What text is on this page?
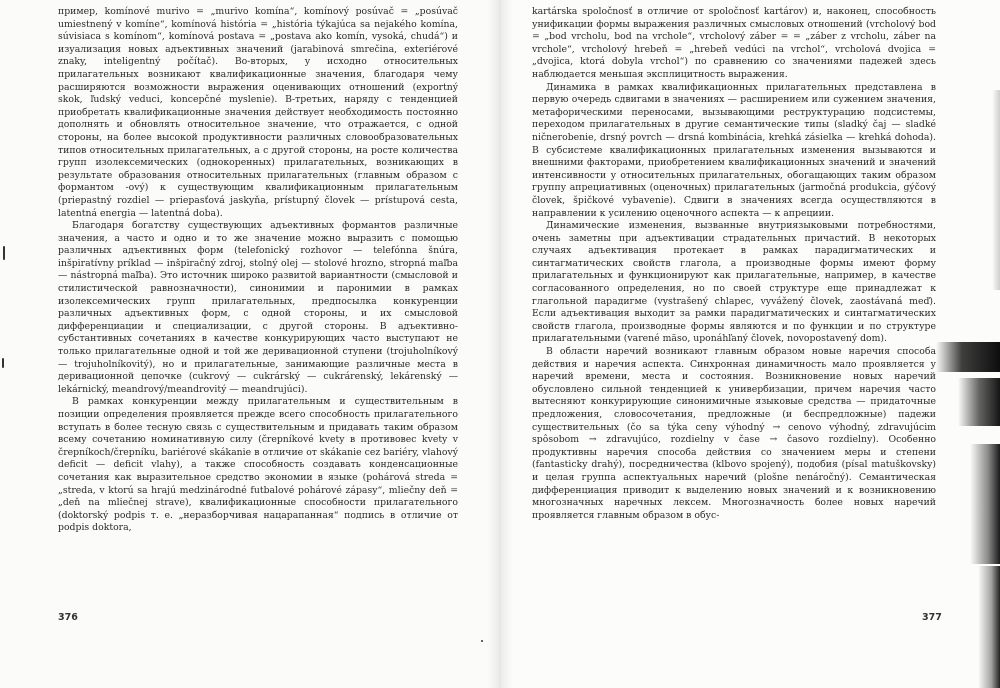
пример, komínové murivo = „murivo komína“, komínový posúvač = „posúvač umiestnený v komíne“, komínová história = „história týkajúca sa nejakého komína, súvisiaca s komínom“, komínová postava = „postava ako komín, vysoká, chudá“) и изуализация новых адъективных значений (jarabinová smrečina, exteriérové znaky, inteligentný počítač). Во-вторых, у исходно относительных прилагательных возникают квалификационные значения, благодаря чему расширяются возможности выражения оценивающих отношений (exportný skok, ľudský veduci, koncepčné myslenie). В-третьих, наряду с тенденцией приобретать квалификационные значения действует необходимость постоянно дополнять и обновлять относительное значение, что отражается, с одной стороны, на более высокой продуктивности различных словообразовательных типов относительных прилагательных, а с другой стороны, на росте количества групп изолексемических (однокоренных) прилагательных, возникающих в результате образования относительных прилагательных (главным образом с формантом -ový) к существующим квалификационным прилагательным (priepastný rozdiel — priepasťová jaskyňa, prístupný človek — prístupová cesta, latentná energia — latentná doba).

Благодаря богатству существующих адъективных формантов различные значения, а часто и одно и то же значение можно выразить с помощью различных адъективных форм (telefonický rozhovor — telefónna šnúra, inšpiratívny príklad — inšpiračný zdroj, stolný olej — stolové hrozno, stropná maľba — nástropná maľba). Это источник широко развитой вариантности (смысловой и стилистической равнозначности), синонимии и паронимии в рамках изолексемических групп прилагательных, предпосылка конкуренции различных адъективных форм, с одной стороны, и их смысловой дифференциации и специализации, с другой стороны. В адъективно-субстантивных сочетаниях в качестве конкурирующих часто выступают не только прилагательные одной и той же деривационной ступени (trojuholníkový — trojuholníkovitý), но и прилагательные, занимающие различные места в деривационной цепочке (cukrový — cukrárský — cukrárenský, lekárenský — lekárnický, meandrový/meandrovitý — meandrujúci).

В рамках конкуренции между прилагательным и существительным в позиции определения проявляется прежде всего способность прилагательного вступать в более тесную связь с существительным и придавать таким образом всему сочетанию номинативную силу (črepníkové kvety в противовес kvety v črepníkoch/črepníku, bariérové skákanie в отличие от skákanie cez bariéry, vlahový deficit — deficit vlahy), а также способность создавать конденсационные сочетания как выразительное средство экономии в языке (pohárová streda = „streda, v ktorú sa hrajú medzinárodné futbalové pohárové zápasy“, mliečny deň = „deň na mliečnej strave), квалификационные способности прилагательного (doktorský podpis т. е. „неразборчивая нацарапанная“ подпись в отличие от podpis doktora,

376

kartárska spoločnosť в отличие от spoločnosť kartárov) и, наконец, способность унификации формы выражения различных смысловых отношений (vrcholový bod = „bod vrcholu, bod na vrchole“, vrcholový záber = = „záber z vrcholu, záber na vrchole“, vrcholový hrebeň = „hrebeň vedúci na vrchol“, vrcholová dvojica = „dvojica, ktorá dobyla vrchol“) по сравнению со значениями падежей здесь наблюдается меньшая эксплицитность выражения.

Динамика в рамках квалификационных прилагательных представлена в первую очередь сдвигами в значениях — расширением или сужением значения, метафорическими переносами, вызывающими реструктурацию подсистемы, переходом прилагательных в другие семантические типы (sladký čaj — sladké ničnerobenie, drsný povrch — drsná kombinácia, krehká zásielka — krehká dohoda). В субсистеме квалификационных прилагательных изменения вызываются и внешними факторами, приобретением квалификационных значений и значений интенсивности у относительных прилагательных, обогащающих таким образом группу апрециативных (оценочных) прилагательных (jarmočná produkcia, gýčový človek, špičkové vybavenie). Сдвиги в значениях всегда осуществляются в направлении к усилению оценочного аспекта — к апрециии.

Динамические изменения, вызванные внутриязыковыми потребностями, очень заметны при адъективации страдательных причастий. В некоторых случаях адъективация протекает в рамках парадигматических и синтагматических свойств глагола, а производные формы имеют форму прилагательных и функционируют как прилагательные, например, в качестве согласованного определения, но по своей структуре еще принадлежат к глагольной парадигме (vystrašený chlapec, vyvážený človek, zaostávaná meď). Если адъективация выходит за рамки парадигматических и синтагматических свойств глагола, производные формы являются и по функции и по структуре прилагательными (varené mäso, uponáhľaný človek, novopostavený dom).

В области наречий возникают главным образом новые наречия способа действия и наречия аспекта. Синхронная динамичность мало проявляется у наречий времени, места и состояния. Возникновение новых наречий обусловлено сильной тенденцией к универбизации, причем наречия часто вытесняют конкурирующие синонимичные языковые средства — придаточные предложения, словосочетания, предложные (и беспредложные) падежи существительных (čo sa týka ceny výhodný → cenovo výhodný, zdravujúcim spôsobom → zdravujúco, rozdielny v čase → časovo rozdielny). Особенно продуктивны наречия способа действия со значением меры и степени (fantasticky drahý), посредничества (klbovo spojený), подобия (písal matuškovsky) и целая группа аспектуальных наречий (plošne nenáročný). Семантическая дифференциация приводит к выделению новых значений и к возникновению многозначных наречных лексем. Многозначность более новых наречий проявляется главным образом в обус-

377
